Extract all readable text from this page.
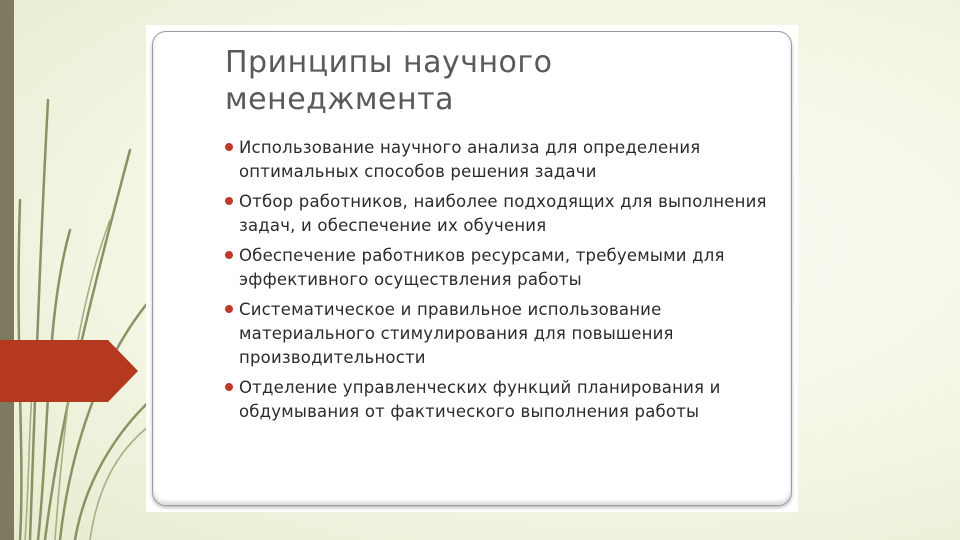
Принципы научного менеджмента
Использование научного анализа для определения оптимальных способов решения задачи
Отбор работников, наиболее подходящих для выполнения задач, и обеспечение их обучения
Обеспечение работников ресурсами, требуемыми для эффективного осуществления работы
Систематическое и правильное использование материального стимулирования для повышения производительности
Отделение управленческих функций планирования и обдумывания от фактического выполнения работы
